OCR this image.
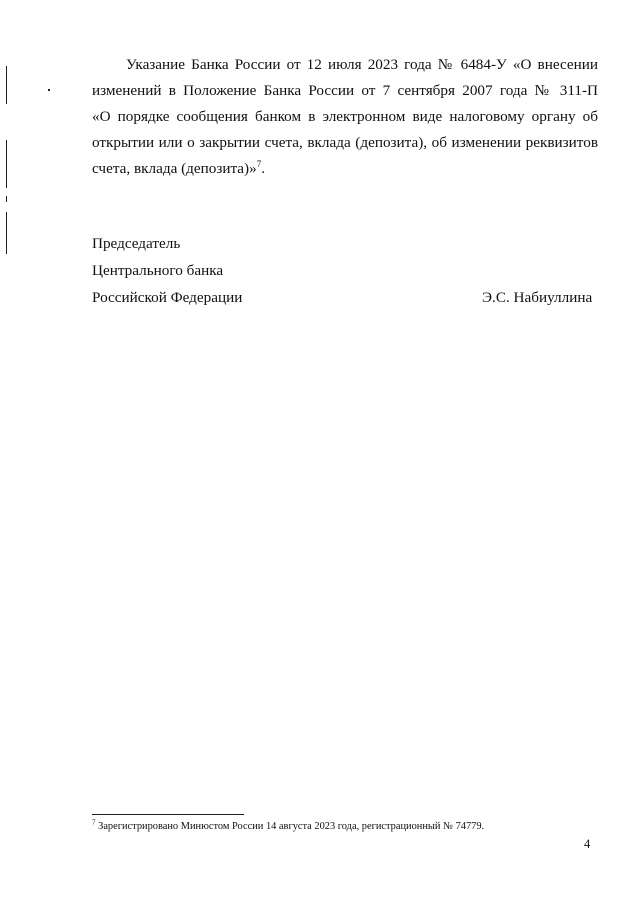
Указание Банка России от 12 июля 2023 года № 6484-У «О внесении
изменений в Положение Банка России от 7 сентября 2007 года № 311-П
«О порядке сообщения банком в электронном виде налоговому органу об
открытии или о закрытии счета, вклада (депозита), об изменении реквизитов
счета, вклада (депозита)»$^7$.
Председатель
Центрального банка
Российской Федерации	Э.С. Набиуллина
$^7$ Зарегистрировано Минюстом России 14 августа 2023 года, регистрационный № 74779.
4
